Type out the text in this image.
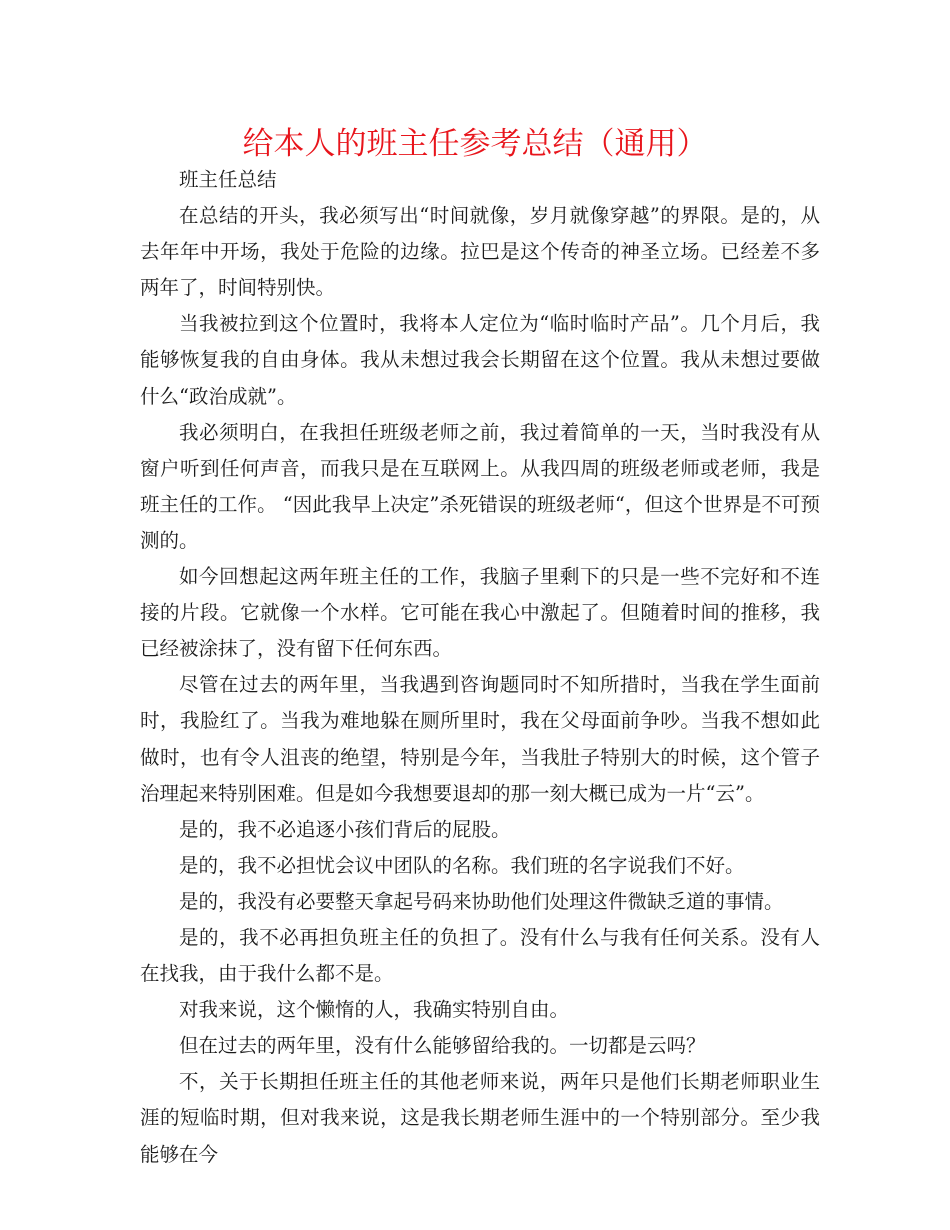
给本人的班主任参考总结（通用）

班主任总结

在总结的开头，我必须写出“时间就像，岁月就像穿越”的界限。是的，从去年年中开场，我处于危险的边缘。拉巴是这个传奇的神圣立场。已经差不多两年了，时间特别快。

当我被拉到这个位置时，我将本人定位为“临时临时产品”。几个月后，我能够恢复我的自由身体。我从未想过我会长期留在这个位置。我从未想过要做什么“政治成就”。

我必须明白，在我担任班级老师之前，我过着简单的一天，当时我没有从窗户听到任何声音，而我只是在互联网上。从我四周的班级老师或老师，我是班主任的工作。 “因此我早上决定”杀死错误的班级老师“，但这个世界是不可预测的。

如今回想起这两年班主任的工作，我脑子里剩下的只是一些不完好和不连接的片段。它就像一个水样。它可能在我心中激起了。但随着时间的推移，我已经被涂抹了，没有留下任何东西。

尽管在过去的两年里，当我遇到咨询题同时不知所措时，当我在学生面前时，我脸红了。当我为难地躲在厕所里时，我在父母面前争吵。当我不想如此做时，也有令人沮丧的绝望，特别是今年，当我肚子特别大的时候，这个管子治理起来特别困难。但是如今我想要退却的那一刻大概已成为一片“云”。

是的，我不必追逐小孩们背后的屁股。

是的，我不必担忧会议中团队的名称。我们班的名字说我们不好。

是的，我没有必要整天拿起号码来协助他们处理这件微缺乏道的事情。

是的，我不必再担负班主任的负担了。没有什么与我有任何关系。没有人在找我，由于我什么都不是。

对我来说，这个懒惰的人，我确实特别自由。

但在过去的两年里，没有什么能够留给我的。一切都是云吗？

不，关于长期担任班主任的其他老师来说，两年只是他们长期老师职业生涯的短临时期，但对我来说，这是我长期老师生涯中的一个特别部分。至少我能够在今
